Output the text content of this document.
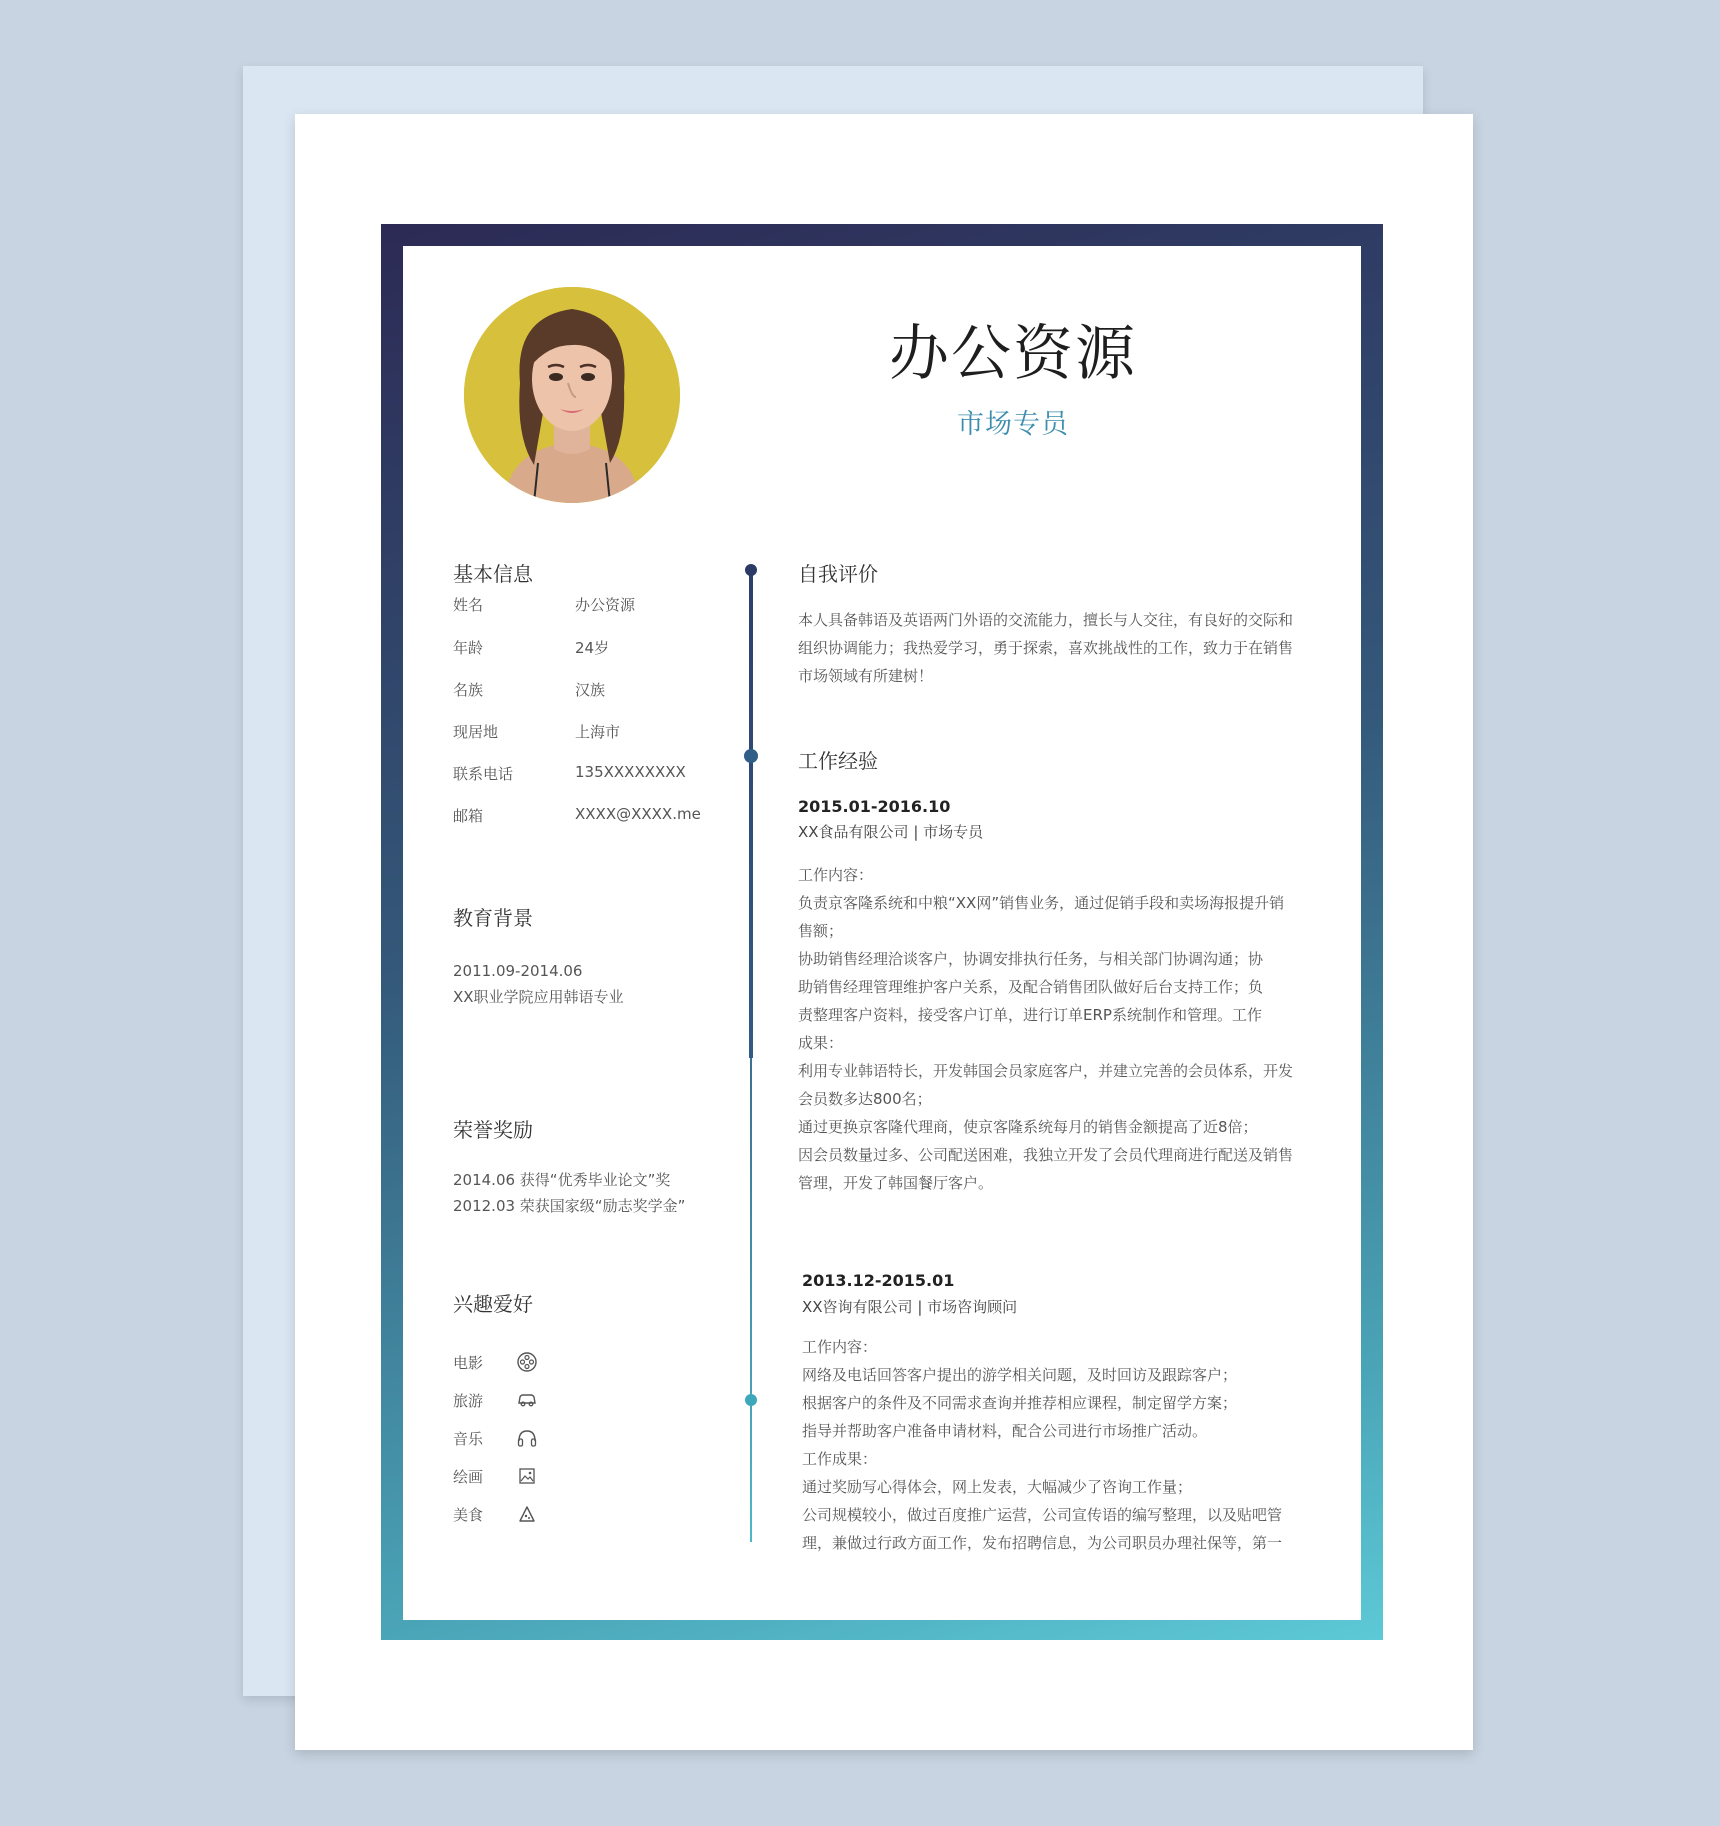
办公资源
市场专员
基本信息
姓名	办公资源
年龄	24岁
名族	汉族
现居地	上海市
联系电话	135XXXXXXXX
邮箱	XXXX@XXXX.me
教育背景
2011.09-2014.06
XX职业学院应用韩语专业
荣誉奖励
2014.06 获得“优秀毕业论文”奖
2012.03 荣获国家级“励志奖学金”
兴趣爱好
电影
旅游
音乐
绘画
美食
自我评价

本人具备韩语及英语两门外语的交流能力，擅长与人交往，有良好的交际和

组织协调能力；我热爱学习，勇于探索，喜欢挑战性的工作，致力于在销售

市场领域有所建树！

工作经验
2015.01-2016.10
XX食品有限公司 | 市场专员

工作内容：

负责京客隆系统和中粮“XX网”销售业务，通过促销手段和卖场海报提升销

售额；

协助销售经理洽谈客户，协调安排执行任务，与相关部门协调沟通；协

助销售经理管理维护客户关系，及配合销售团队做好后台支持工作；负

责整理客户资料，接受客户订单，进行订单ERP系统制作和管理。工作

成果：

利用专业韩语特长，开发韩国会员家庭客户，并建立完善的会员体系，开发

会员数多达800名；

通过更换京客隆代理商，使京客隆系统每月的销售金额提高了近8倍；

因会员数量过多、公司配送困难，我独立开发了会员代理商进行配送及销售

管理，开发了韩国餐厅客户。

2013.12-2015.01
XX咨询有限公司 | 市场咨询顾问

工作内容：

网络及电话回答客户提出的游学相关问题，及时回访及跟踪客户；

根据客户的条件及不同需求查询并推荐相应课程，制定留学方案；

指导并帮助客户准备申请材料，配合公司进行市场推广活动。

工作成果：

通过奖励写心得体会，网上发表，大幅减少了咨询工作量；

公司规模较小，做过百度推广运营，公司宣传语的编写整理，以及贴吧管

理，兼做过行政方面工作，发布招聘信息，为公司职员办理社保等，第一
